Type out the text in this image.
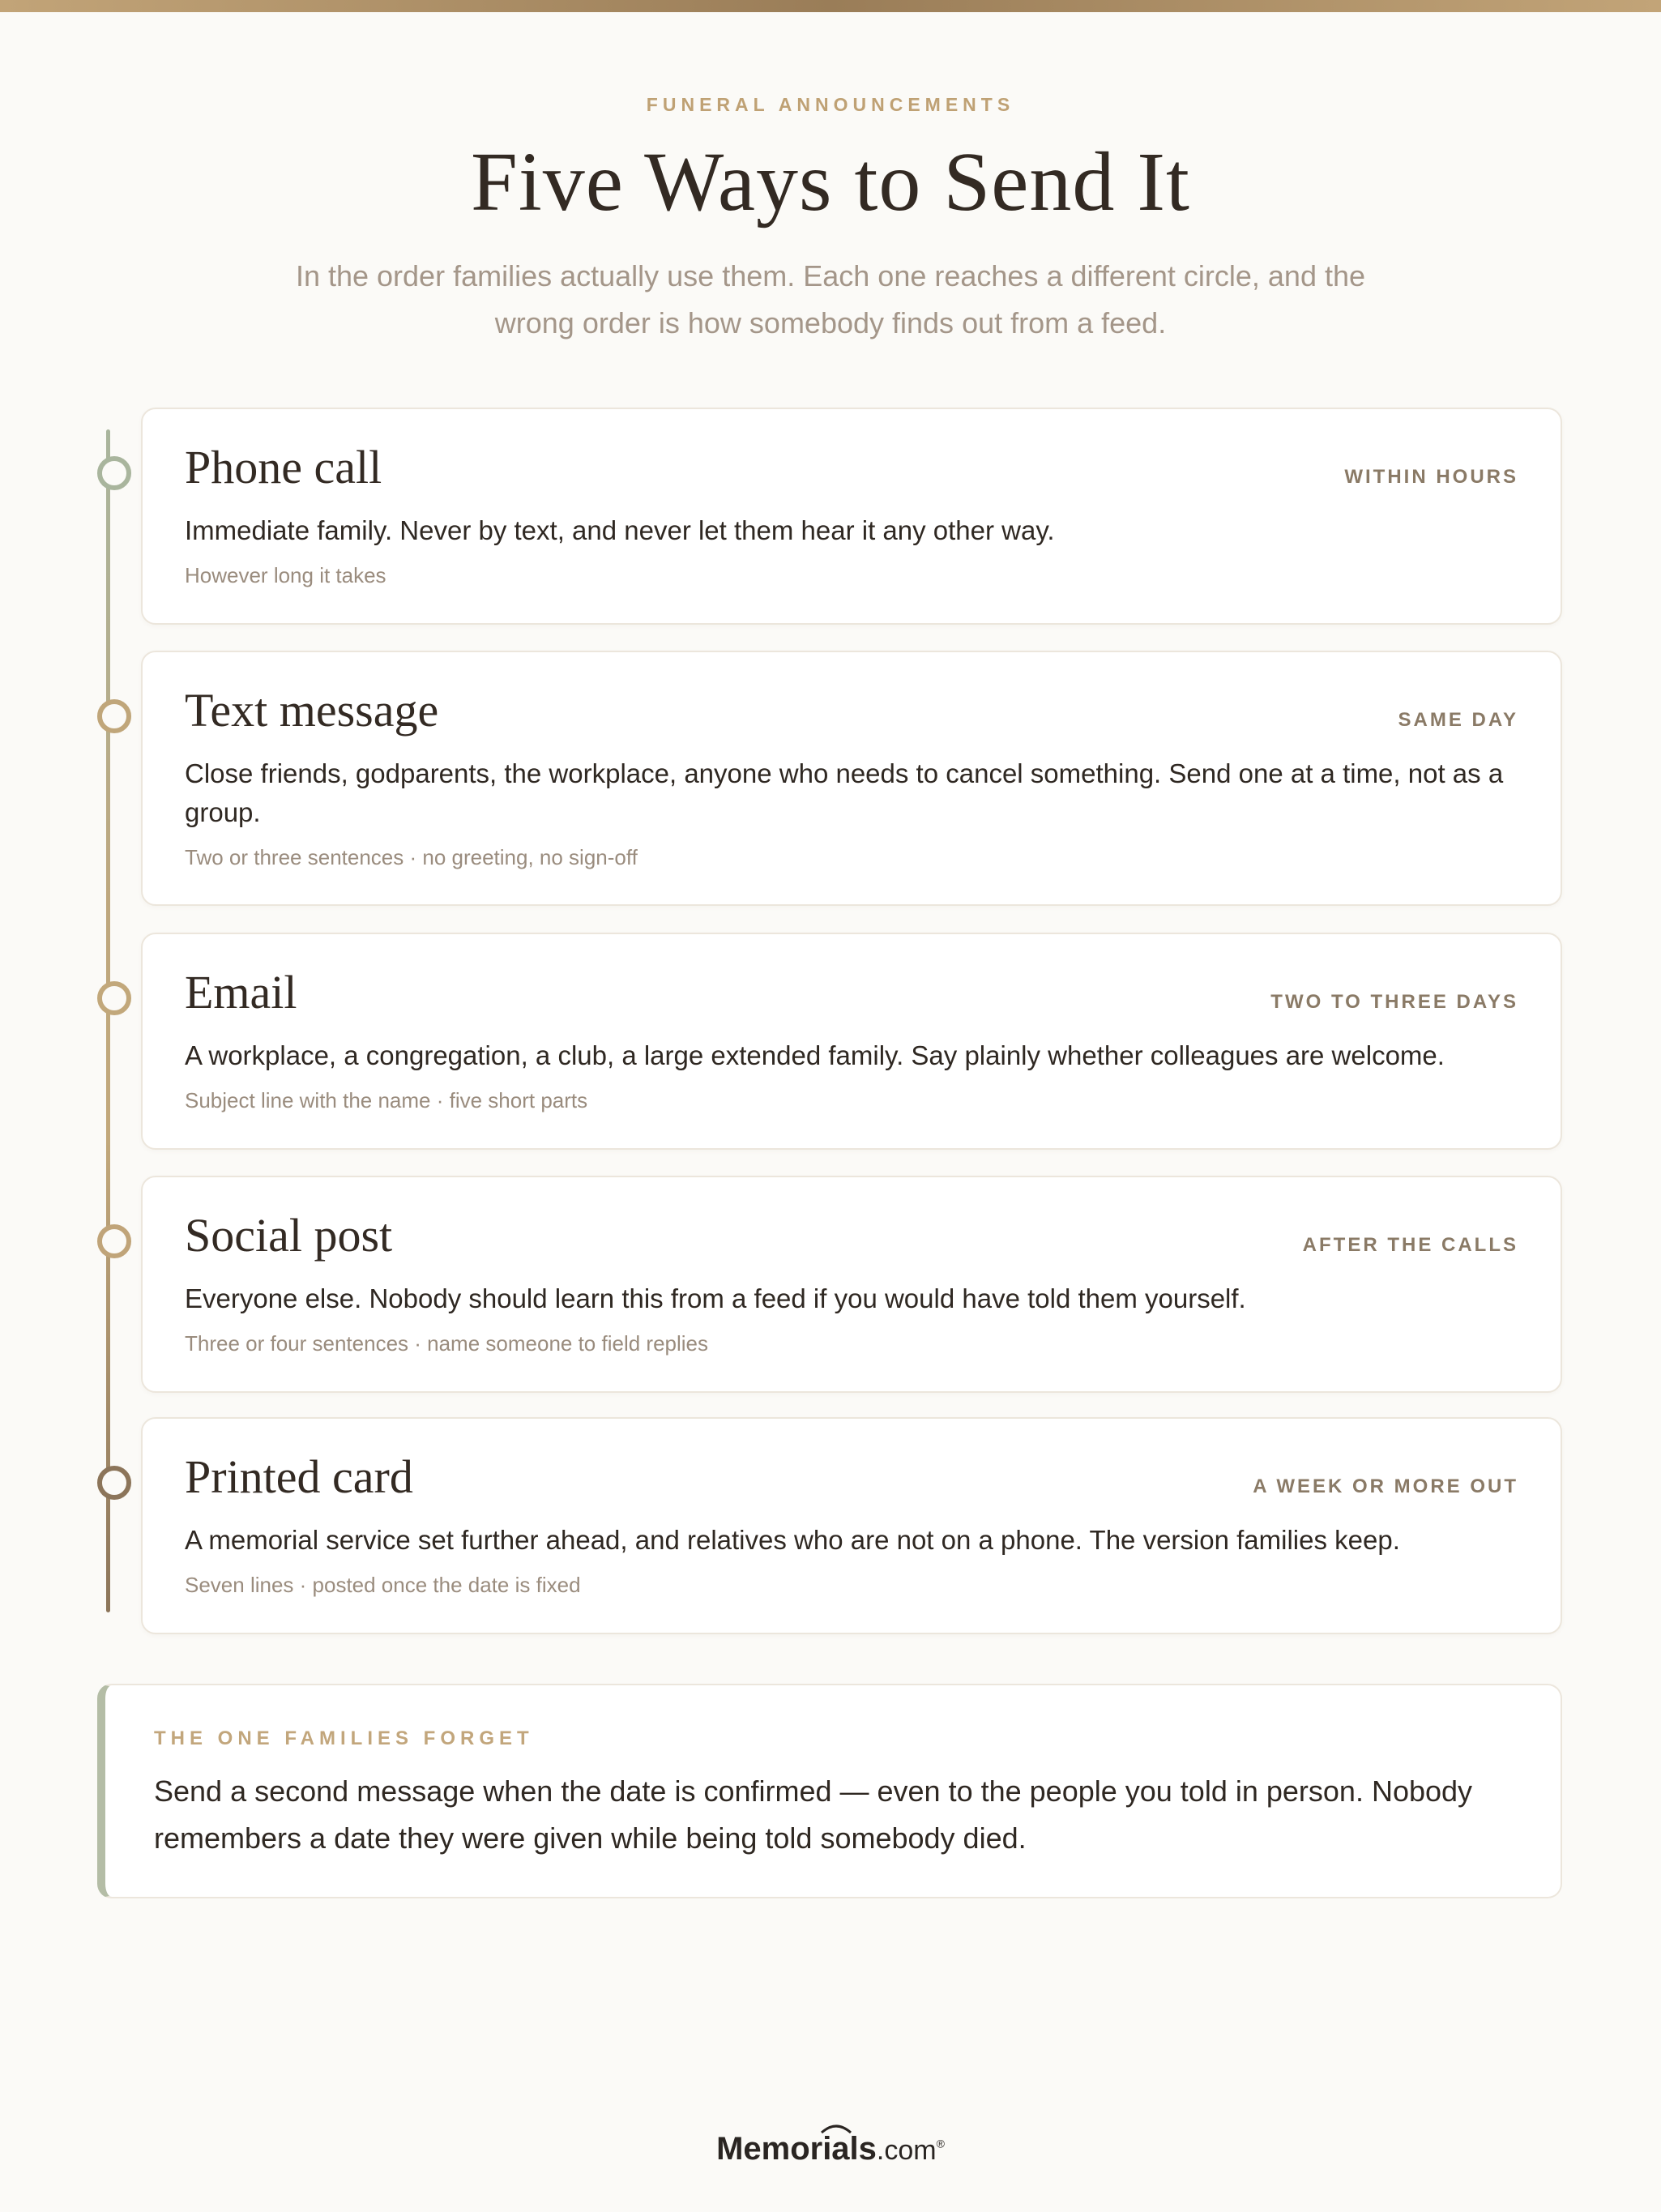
FUNERAL ANNOUNCEMENTS
Five Ways to Send It

In the order families actually use them. Each one reaches a different circle, and the wrong order is how somebody finds out from a feed.

Phone call	WITHIN HOURS
Immediate family. Never by text, and never let them hear it any other way.
However long it takes
Text message	SAME DAY
Close friends, godparents, the workplace, anyone who needs to cancel something. Send one at a time, not as a group.
Two or three sentences · no greeting, no sign-off
Email	TWO TO THREE DAYS
A workplace, a congregation, a club, a large extended family. Say plainly whether colleagues are welcome.
Subject line with the name · five short parts
Social post	AFTER THE CALLS
Everyone else. Nobody should learn this from a feed if you would have told them yourself.
Three or four sentences · name someone to field replies
Printed card	A WEEK OR MORE OUT
A memorial service set further ahead, and relatives who are not on a phone. The version families keep.
Seven lines · posted once the date is fixed
THE ONE FAMILIES FORGET
Send a second message when the date is confirmed — even to the people you told in person. Nobody remembers a date they were given while being told somebody died.
Memorials.com®
